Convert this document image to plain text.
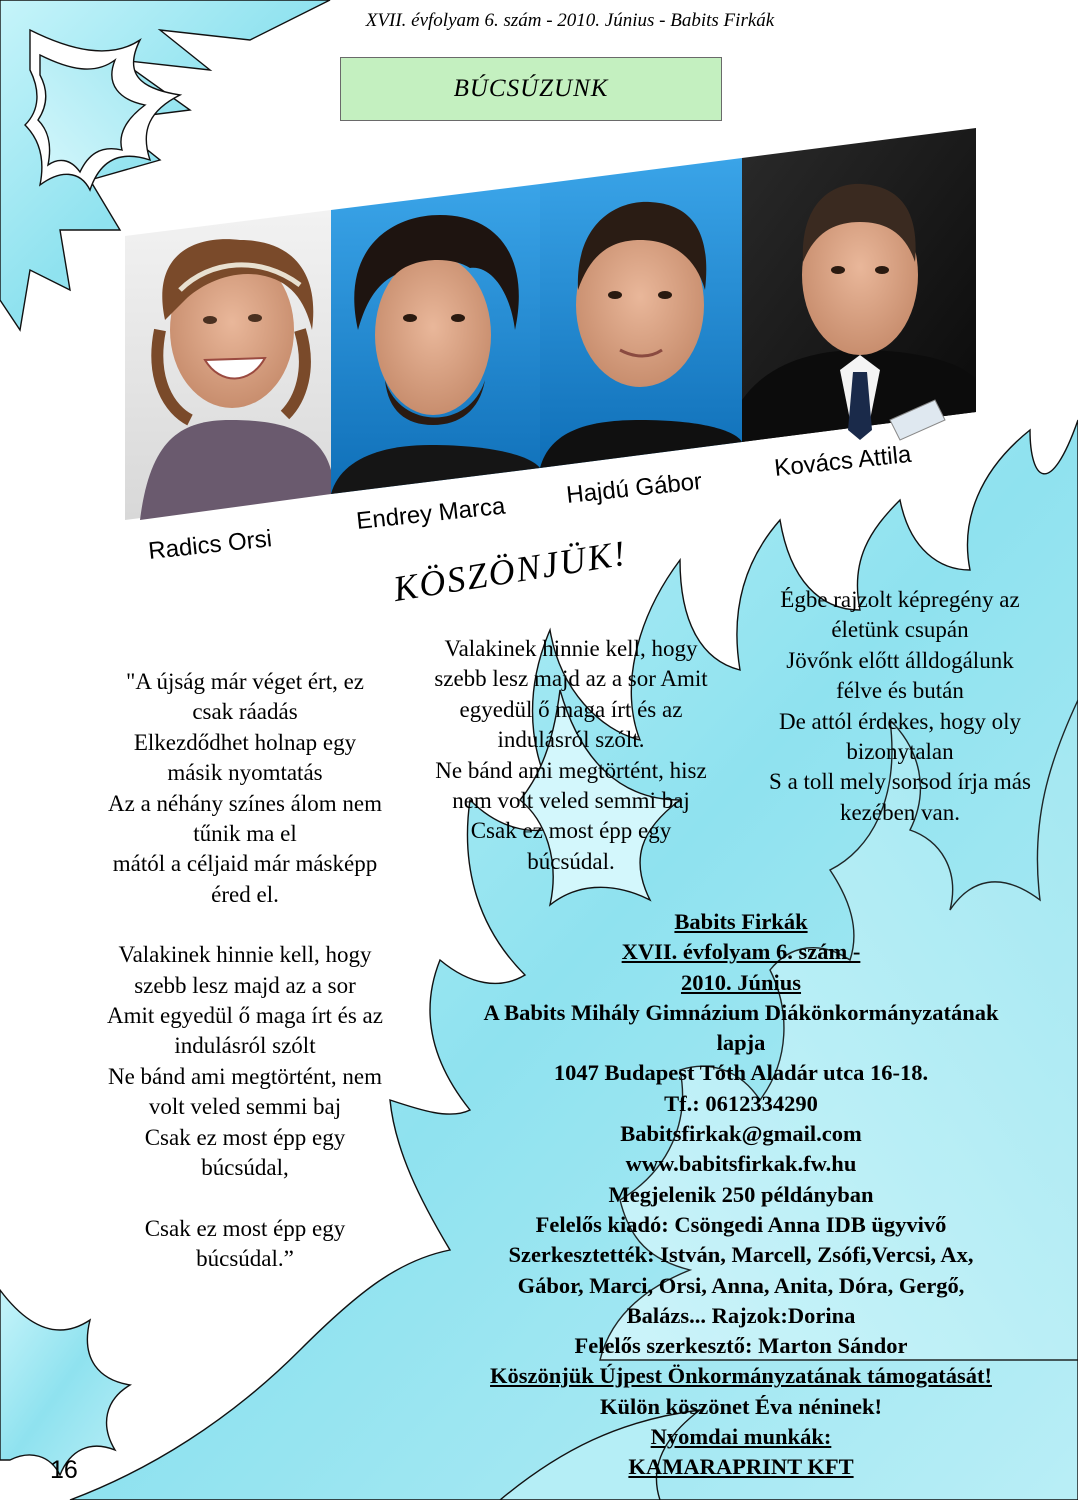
XVII. évfolyam 6. szám - 2010. Június - Babits Firkák
BÚCSÚZUNK
Radics Orsi
Endrey Marca
Hajdú Gábor
Kovács Attila
KÖSZÖNJÜK!
"A újság már véget ért, ez
csak ráadás
Elkezdődhet holnap egy
másik nyomtatás
Az a néhány színes álom nem
tűnik ma el
mától a céljaid már másképp
éred el.
Valakinek hinnie kell, hogy
szebb lesz majd az a sor
Amit egyedül ő maga írt és az
indulásról szólt
Ne bánd ami megtörtént, nem
volt veled semmi baj
Csak ez most épp egy
búcsúdal,
Csak ez most épp egy
búcsúdal.”
Valakinek hinnie kell, hogy
szebb lesz majd az a sor Amit
egyedül ő maga írt és az
indulásról szólt.
Ne bánd ami megtörtént, hisz
nem volt veled semmi baj
Csak ez most épp egy
búcsúdal.
Égbe rajzolt képregény az
életünk csupán
Jövőnk előtt álldogálunk
félve és bután
De attól érdekes, hogy oly
bizonytalan
S a toll mely sorsod írja más
kezében van.
Babits Firkák
XVII. évfolyam 6. szám -
2010. Június
A Babits Mihály Gimnázium Diákönkormányzatának
lapja
1047 Budapest Tóth Aladár utca 16-18.
Tf.: 0612334290
Babitsfirkak@gmail.com
www.babitsfirkak.fw.hu
Megjelenik 250 példányban
Felelős kiadó: Csöngedi Anna IDB ügyvivő
Szerkesztették: István, Marcell, Zsófi,Vercsi, Ax,
Gábor, Marci, Orsi, Anna, Anita, Dóra, Gergő,
Balázs... Rajzok:Dorina
Felelős szerkesztő: Marton Sándor
Köszönjük Újpest Önkormányzatának támogatását!
Külön köszönet Éva néninek!
Nyomdai munkák:
KAMARAPRINT KFT
16
